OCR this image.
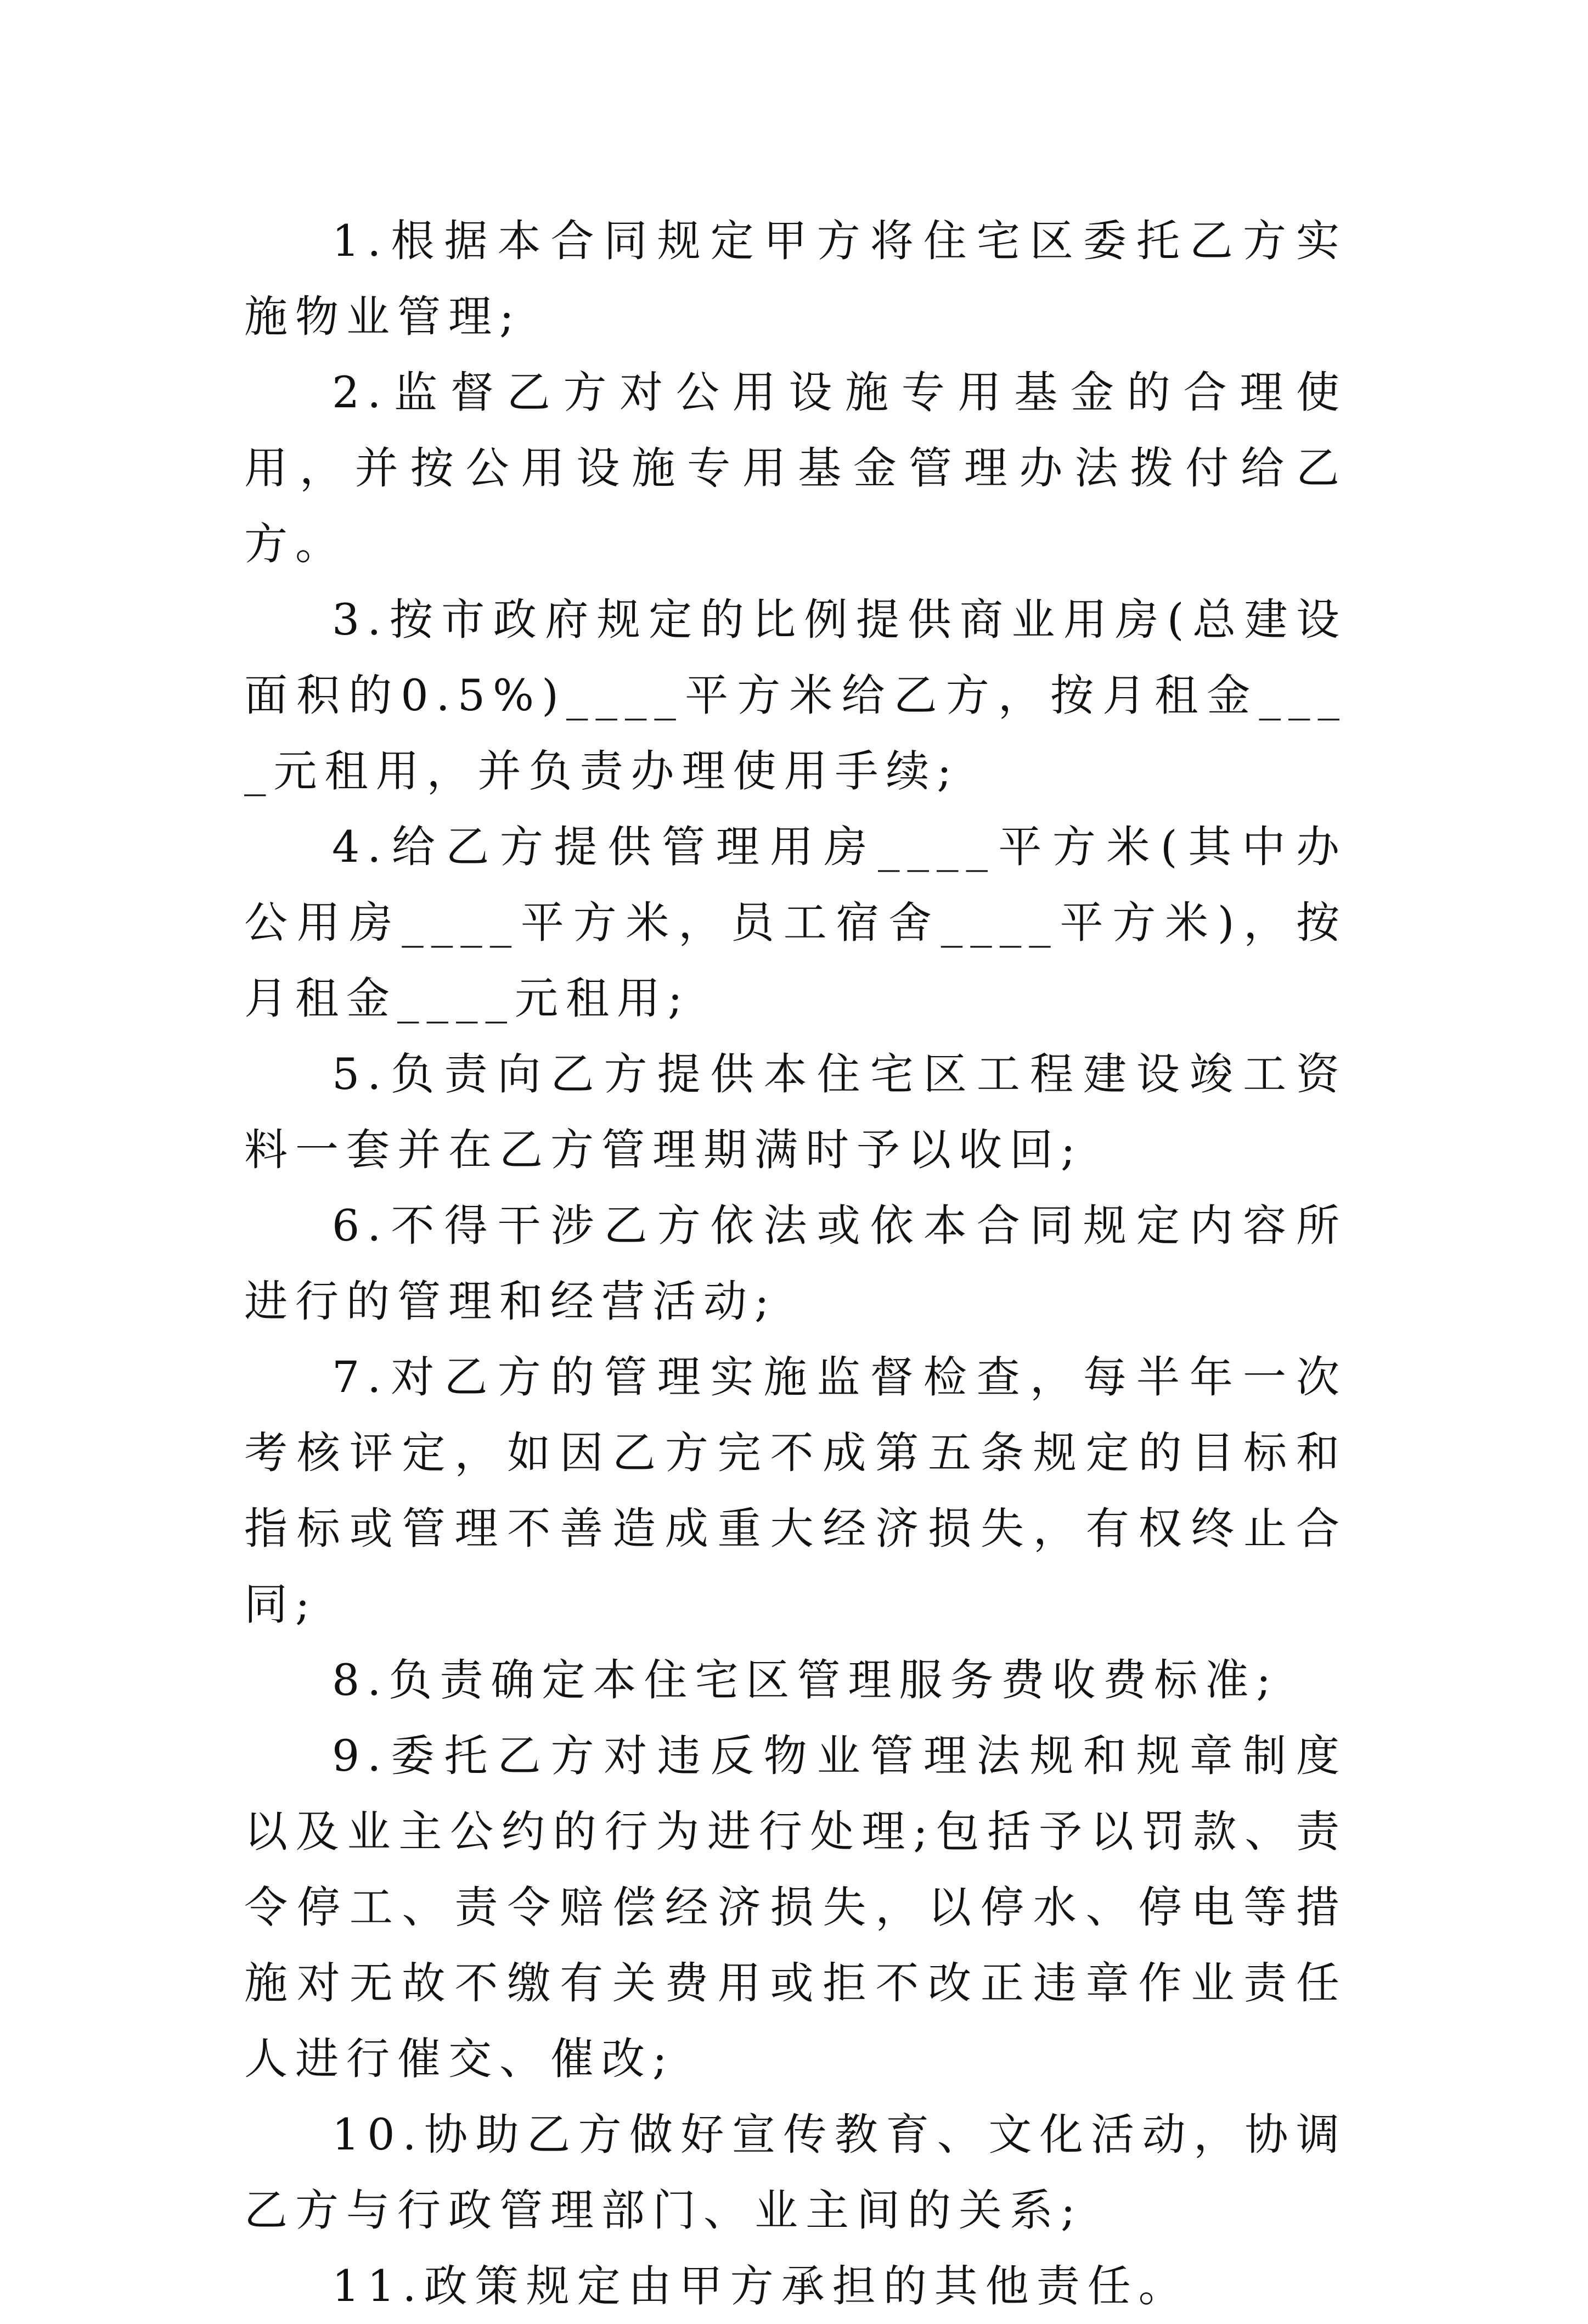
1.根据本合同规定甲方将住宅区委托乙方实施物业管理;

2.监督乙方对公用设施专用基金的合理使用，并按公用设施专用基金管理办法拨付给乙方。

3.按市政府规定的比例提供商业用房(总建设面积的0.5%)____平方米给乙方，按月租金____元租用，并负责办理使用手续;

4.给乙方提供管理用房____平方米(其中办公用房____平方米，员工宿舍____平方米)，按月租金____元租用;

5.负责向乙方提供本住宅区工程建设竣工资料一套并在乙方管理期满时予以收回;

6.不得干涉乙方依法或依本合同规定内容所进行的管理和经营活动;

7.对乙方的管理实施监督检查，每半年一次考核评定，如因乙方完不成第五条规定的目标和指标或管理不善造成重大经济损失，有权终止合同;

8.负责确定本住宅区管理服务费收费标准;

9.委托乙方对违反物业管理法规和规章制度以及业主公约的行为进行处理;包括予以罚款、责令停工、责令赔偿经济损失，以停水、停电等措施对无故不缴有关费用或拒不改正违章作业责任人进行催交、催改;

10.协助乙方做好宣传教育、文化活动，协调乙方与行政管理部门、业主间的关系;

11.政策规定由甲方承担的其他责任。
